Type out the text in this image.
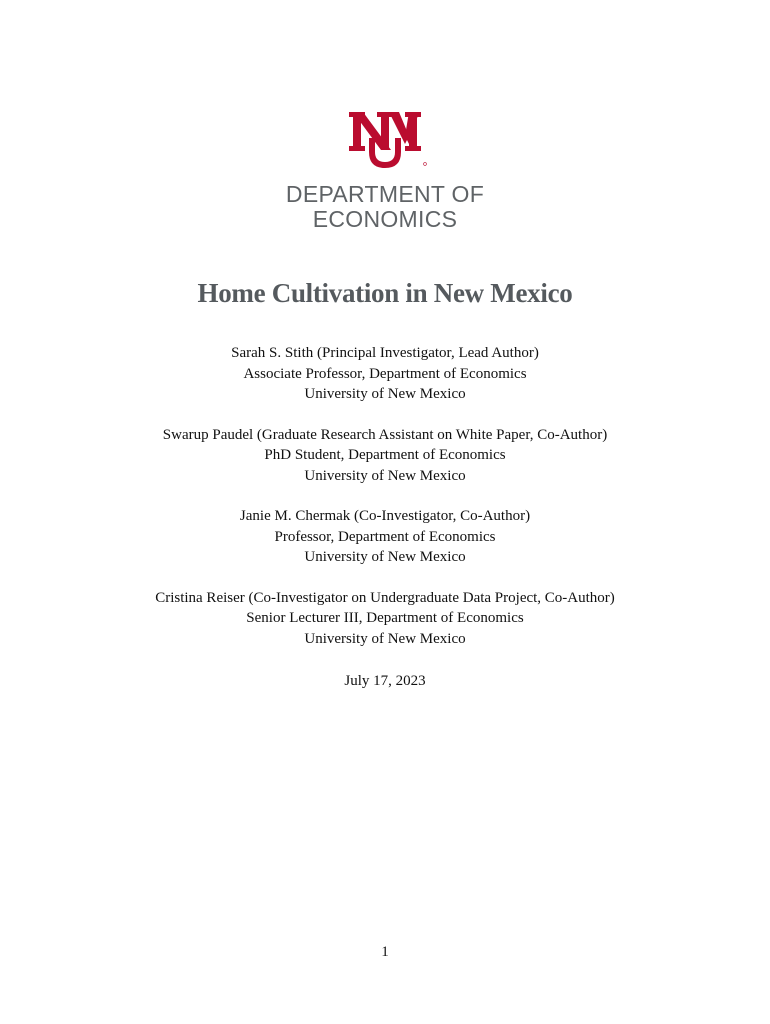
DEPARTMENT OF
ECONOMICS
Home Cultivation in New Mexico
Sarah S. Stith (Principal Investigator, Lead Author)
Associate Professor, Department of Economics
University of New Mexico
Swarup Paudel (Graduate Research Assistant on White Paper, Co-Author)
PhD Student, Department of Economics
University of New Mexico
Janie M. Chermak (Co-Investigator, Co-Author)
Professor, Department of Economics
University of New Mexico
Cristina Reiser (Co-Investigator on Undergraduate Data Project, Co-Author)
Senior Lecturer III, Department of Economics
University of New Mexico
July 17, 2023
1
